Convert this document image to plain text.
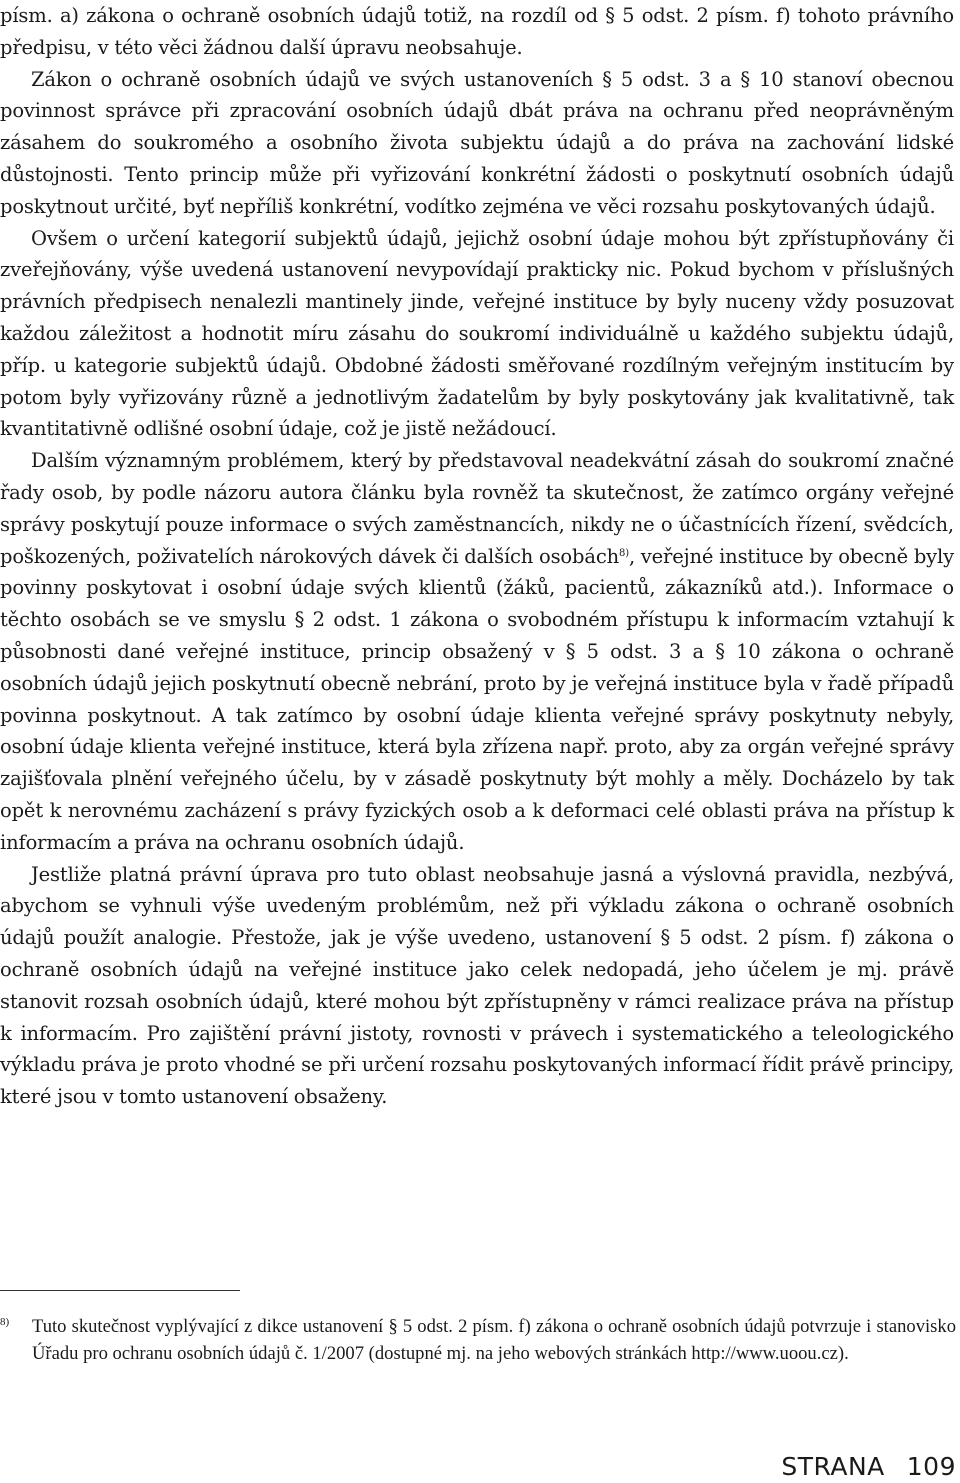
písm. a) zákona o ochraně osobních údajů totiž, na rozdíl od § 5 odst. 2 písm. f) tohoto právního předpisu, v této věci žádnou další úpravu neobsahuje.

Zákon o ochraně osobních údajů ve svých ustanoveních § 5 odst. 3 a § 10 stanoví obecnou povinnost správce při zpracování osobních údajů dbát práva na ochranu před neoprávněným zásahem do soukromého a osobního života subjektu údajů a do práva na zachování lidské důstojnosti. Tento princip může při vyřizování konkrétní žádosti o poskytnutí osobních údajů poskytnout určité, byť nepříliš konkrétní, vodítko zejména ve věci rozsahu poskytovaných údajů.

Ovšem o určení kategorií subjektů údajů, jejichž osobní údaje mohou být zpřístupňovány či zveřejňovány, výše uvedená ustanovení nevypovídají prakticky nic. Pokud bychom v příslušných právních předpisech nenalezli mantinely jinde, veřejné instituce by byly nuceny vždy posuzovat každou záležitost a hodnotit míru zásahu do soukromí individuálně u každého subjektu údajů, příp. u kategorie subjektů údajů. Obdobné žádosti směřované rozdílným veřejným institucím by potom byly vyřizovány různě a jednotlivým žadatelům by byly poskytovány jak kvalitativně, tak kvantitativně odlišné osobní údaje, což je jistě nežádoucí.

Dalším významným problémem, který by představoval neadekvátní zásah do soukromí značné řady osob, by podle názoru autora článku byla rovněž ta skutečnost, že zatímco orgány veřejné správy poskytují pouze informace o svých zaměstnancích, nikdy ne o účastnících řízení, svědcích, poškozených, poživatelích nárokových dávek či dalších osobách$^{8)}$, veřejné instituce by obecně byly povinny poskytovat i osobní údaje svých klientů (žáků, pacientů, zákazníků atd.). Informace o těchto osobách se ve smyslu § 2 odst. 1 zákona o svobodném přístupu k informacím vztahují k působnosti dané veřejné instituce, princip obsažený v § 5 odst. 3 a § 10 zákona o ochraně osobních údajů jejich poskytnutí obecně nebrání, proto by je veřejná instituce byla v řadě případů povinna poskytnout. A tak zatímco by osobní údaje klienta veřejné správy poskytnuty nebyly, osobní údaje klienta veřejné instituce, která byla zřízena např. proto, aby za orgán veřejné správy zajišťovala plnění veřejného účelu, by v zásadě poskytnuty být mohly a měly. Docházelo by tak opět k nerovnému zacházení s právy fyzických osob a k deformaci celé oblasti práva na přístup k informacím a práva na ochranu osobních údajů.

Jestliže platná právní úprava pro tuto oblast neobsahuje jasná a výslovná pravidla, nezbývá, abychom se vyhnuli výše uvedeným problémům, než při výkladu zákona o ochraně osobních údajů použít analogie. Přestože, jak je výše uvedeno, ustanovení § 5 odst. 2 písm. f) zákona o ochraně osobních údajů na veřejné instituce jako celek nedopadá, jeho účelem je mj. právě stanovit rozsah osobních údajů, které mohou být zpřístupněny v rámci realizace práva na přístup k informacím. Pro zajištění právní jistoty, rovnosti v právech i systematického a teleologického výkladu práva je proto vhodné se při určení rozsahu poskytovaných informací řídit právě principy, které jsou v tomto ustanovení obsaženy.

8) Tuto skutečnost vyplývající z dikce ustanovení § 5 odst. 2 písm. f) zákona o ochraně osobních údajů potvrzuje i stanovisko Úřadu pro ochranu osobních údajů č. 1/2007 (dostupné mj. na jeho webových stránkách http://www.uoou.cz).
STRANA 109
